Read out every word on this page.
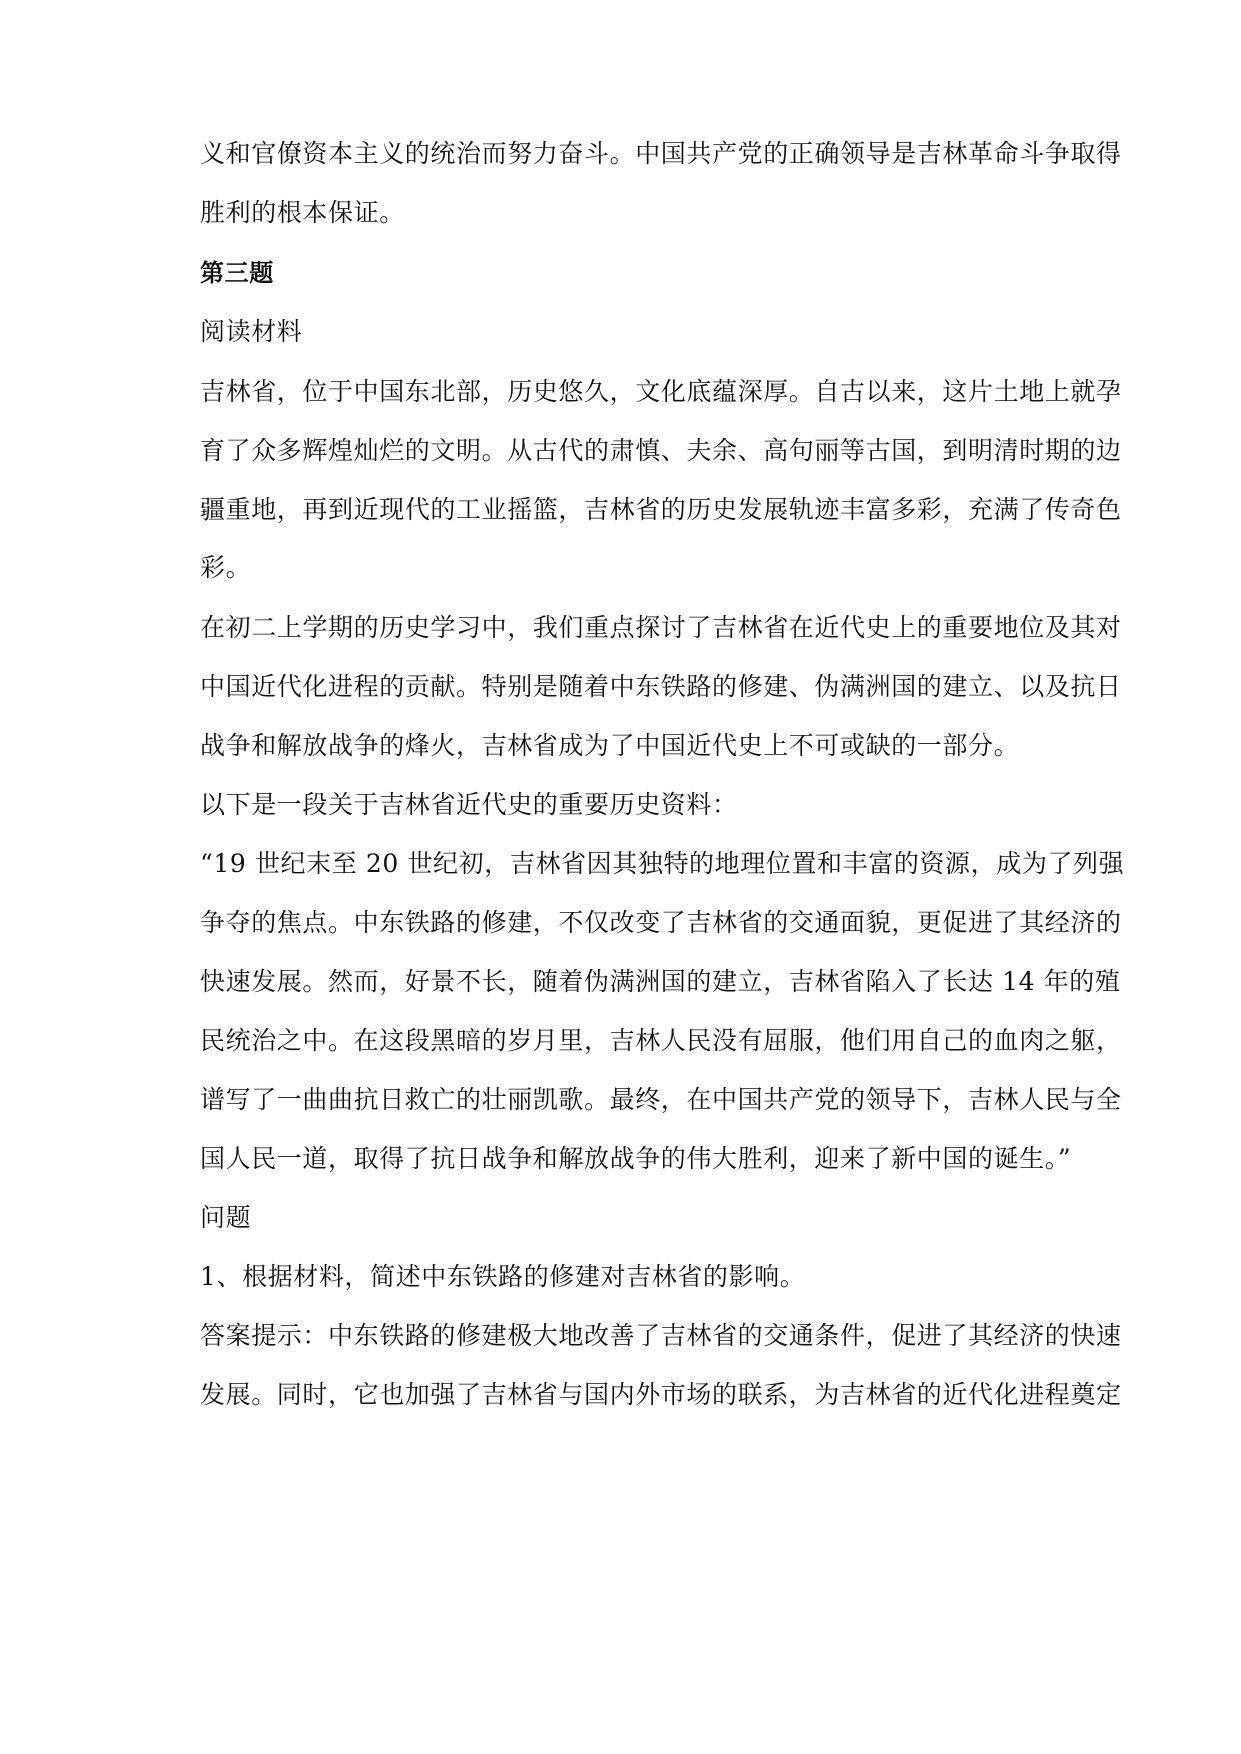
义和官僚资本主义的统治而努力奋斗。中国共产党的正确领导是吉林革命斗争取得
胜利的根本保证。
第三题
阅读材料
吉林省，位于中国东北部，历史悠久，文化底蕴深厚。自古以来，这片土地上就孕
育了众多辉煌灿烂的文明。从古代的肃慎、夫余、高句丽等古国，到明清时期的边
疆重地，再到近现代的工业摇篮，吉林省的历史发展轨迹丰富多彩，充满了传奇色
彩。
在初二上学期的历史学习中，我们重点探讨了吉林省在近代史上的重要地位及其对
中国近代化进程的贡献。特别是随着中东铁路的修建、伪满洲国的建立、以及抗日
战争和解放战争的烽火，吉林省成为了中国近代史上不可或缺的一部分。
以下是一段关于吉林省近代史的重要历史资料：
“19 世纪末至 20 世纪初，吉林省因其独特的地理位置和丰富的资源，成为了列强
争夺的焦点。中东铁路的修建，不仅改变了吉林省的交通面貌，更促进了其经济的
快速发展。然而，好景不长，随着伪满洲国的建立，吉林省陷入了长达 14 年的殖
民统治之中。在这段黑暗的岁月里，吉林人民没有屈服，他们用自己的血肉之躯，
谱写了一曲曲抗日救亡的壮丽凯歌。最终，在中国共产党的领导下，吉林人民与全
国人民一道，取得了抗日战争和解放战争的伟大胜利，迎来了新中国的诞生。”
问题
1、根据材料，简述中东铁路的修建对吉林省的影响。
答案提示：中东铁路的修建极大地改善了吉林省的交通条件，促进了其经济的快速
发展。同时，它也加强了吉林省与国内外市场的联系，为吉林省的近代化进程奠定
